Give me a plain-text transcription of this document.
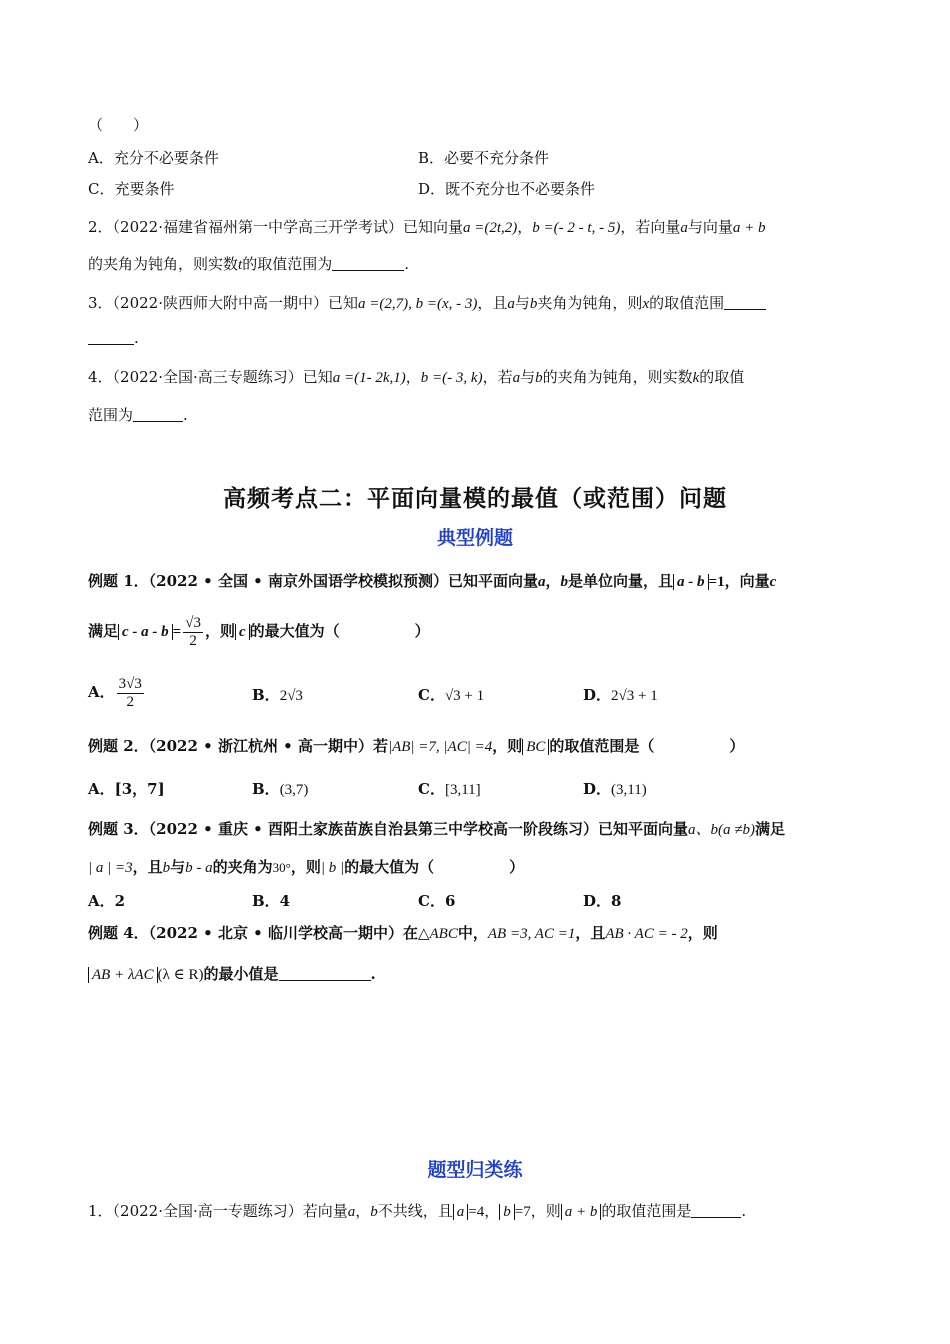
（　　）
A．充分不必要条件	B．必要不充分条件
C．充要条件	D．既不充分也不必要条件
2．（2022·福建省福州第一中学高三开学考试）已知向量a =(2t,2)，b =(- 2 - t, - 5)，若向量a与向量a + b
的夹角为钝角，则实数t的取值范围为	.
3．（2022·陕西师大附中高一期中）已知a =(2,7), b =(x, - 3)，且a与b夹角为钝角，则x的取值范围
.
4．（2022·全国·高三专题练习）已知a =(1- 2k,1)，b =(- 3, k)，若a与b的夹角为钝角，则实数k的取值
范围为	.
高频考点二：平面向量模的最值（或范围）问题
典型例题
例题 1．（2022 • 全国 • 南京外国语学校模拟预测）已知平面向量a，b是单位向量，且 a - b =1，向量c
满足 $c - a - b = \frac{√3}{2}$ ，则 c 的最大值为（　　　　　）
A． $\frac{3√3}{2}$	B．2√3	C．√3 + 1	D．2√3 + 1
例题 2．（2022 • 浙江杭州 • 高一期中）若|AB| =7, |AC| =4，则 BC 的取值范围是（　　　　　）
A．[3，7]	B．(3,7)	C．[3,11]	D．(3,11)
例题 3．（2022 • 重庆 • 酉阳土家族苗族自治县第三中学校高一阶段练习）已知平面向量a、b(a ≠b)满足
| a | =3，且b与b - a的夹角为30°，则| b |的最大值为（　　　　　）
A．2	B．4	C．6	D．8
例题 4．（2022 • 北京 • 临川学校高一期中）在△ABC中，AB =3, AC =1，且AB · AC = - 2，则
AB + λAC (λ ∈ R)的最小值是	.
题型归类练
1．（2022·全国·高一专题练习）若向量a，b不共线，且 a =4， b =7，则 a + b 的取值范围是	.
